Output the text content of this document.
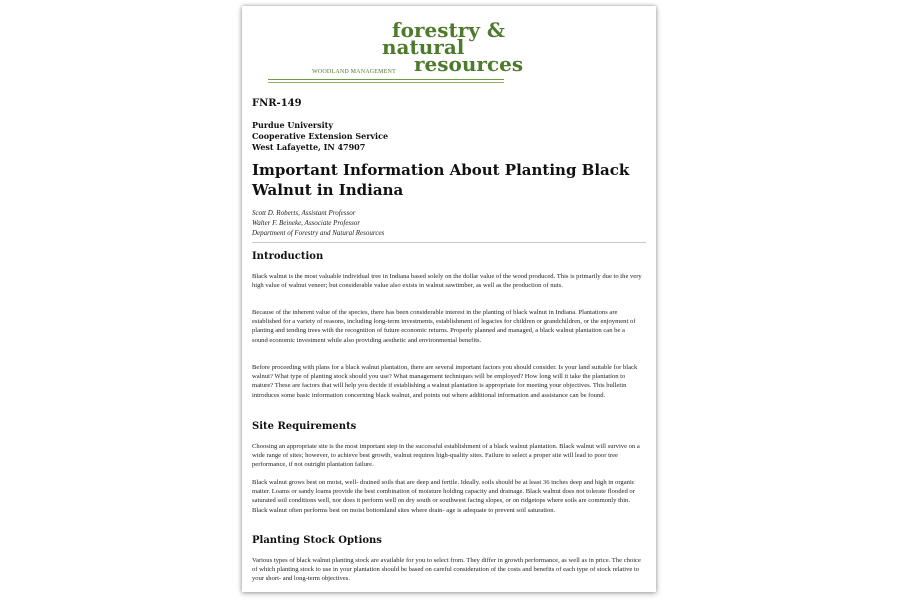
forestry &
natural
resources
WOODLAND MANAGEMENT
FNR-149
Purdue University
Cooperative Extension Service
West Lafayette, IN 47907
Important Information About Planting Black Walnut in Indiana
Scott D. Roberts, Assistant Professor
Walter F. Beineke, Associate Professor
Department of Forestry and Natural Resources
Introduction
Black walnut is the most valuable individual tree in Indiana based solely on the dollar value of the wood produced. This is primarily due to the very high value of walnut veneer; but considerable value also exists in walnut sawtimber, as well as the production of nuts.
Because of the inherent value of the species, there has been considerable interest in the planting of black walnut in Indiana. Plantations are established for a variety of reasons, including long-term investments, establishment of legacies for children or grandchildren, or the enjoyment of planting and tending trees with the recognition of future economic returns. Properly planned and managed, a black walnut plantation can be a sound economic investment while also providing aesthetic and environmental benefits.
Before proceeding with plans for a black walnut plantation, there are several important factors you should consider. Is your land suitable for black walnut? What type of planting stock should you use? What management techniques will be employed? How long will it take the plantation to mature? These are factors that will help you decide if establishing a walnut plantation is appropriate for meeting your objectives. This bulletin introduces some basic information concerning black walnut, and points out where additional information and assistance can be found.
Site Requirements
Choosing an appropriate site is the most important step in the successful establishment of a black walnut plantation. Black walnut will survive on a wide range of sites; however, to achieve best growth, walnut requires high-quality sites. Failure to select a proper site will lead to poor tree performance, if not outright plantation failure.
Black walnut grows best on moist, well- drained soils that are deep and fertile. Ideally. soils should be at least 36 inches deep and high in organic matter. Loams or sandy loams provide the best combination of moisture holding capacity and drainage. Black walnut does not tolerate flooded or saturated soil conditions well, nor does it perform well on dry south or southwest facing slopes, or on ridgetops where soils are commonly thin. Black walnut often performs best on moist bottomland sites where drain- age is adequate to prevent soil saturation.
Planting Stock Options
Various types of black walnut planting stock are available for you to select from. They differ in growth performance, as well as in price. The choice of which planting stock to use in your plantation should be based on careful consideration of the costs and benefits of each type of stock relative to your short- and long-term objectives.
